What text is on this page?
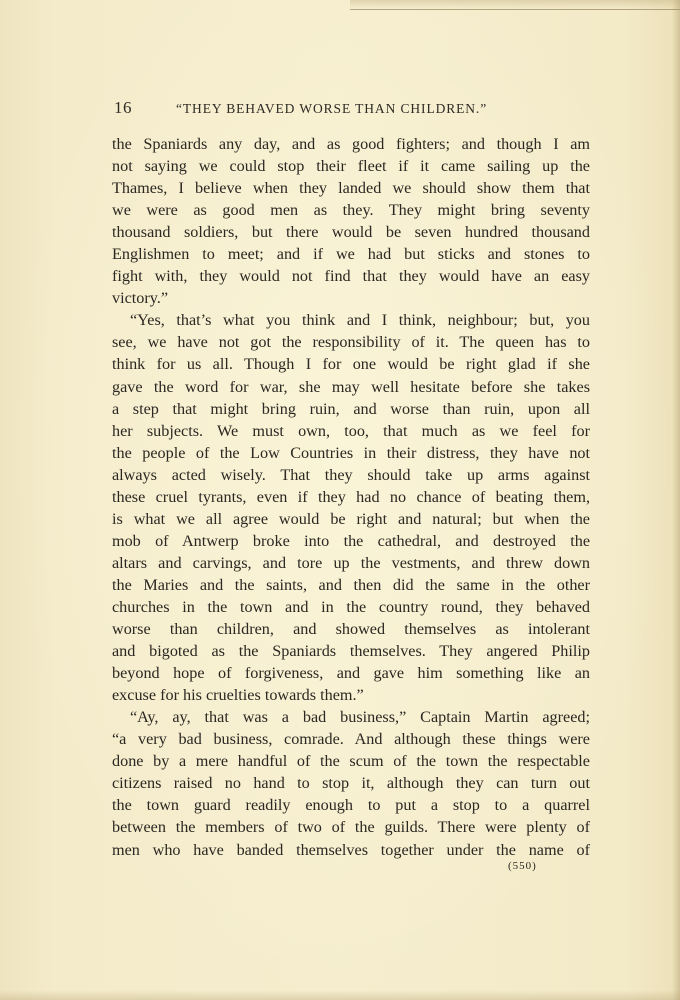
16	“THEY BEHAVED WORSE THAN CHILDREN.”
the Spaniards any day, and as good fighters; and though I am
not saying we could stop their fleet if it came sailing up the
Thames, I believe when they landed we should show them that
we were as good men as they. They might bring seventy
thousand soldiers, but there would be seven hundred thousand
Englishmen to meet; and if we had but sticks and stones to
fight with, they would not find that they would have an easy
victory.”
“Yes, that’s what you think and I think, neighbour; but, you
see, we have not got the responsibility of it. The queen has to
think for us all. Though I for one would be right glad if she
gave the word for war, she may well hesitate before she takes
a step that might bring ruin, and worse than ruin, upon all
her subjects. We must own, too, that much as we feel for
the people of the Low Countries in their distress, they have not
always acted wisely. That they should take up arms against
these cruel tyrants, even if they had no chance of beating them,
is what we all agree would be right and natural; but when the
mob of Antwerp broke into the cathedral, and destroyed the
altars and carvings, and tore up the vestments, and threw down
the Maries and the saints, and then did the same in the other
churches in the town and in the country round, they behaved
worse than children, and showed themselves as intolerant
and bigoted as the Spaniards themselves. They angered Philip
beyond hope of forgiveness, and gave him something like an
excuse for his cruelties towards them.”
“Ay, ay, that was a bad business,” Captain Martin agreed;
“a very bad business, comrade. And although these things were
done by a mere handful of the scum of the town the respectable
citizens raised no hand to stop it, although they can turn out
the town guard readily enough to put a stop to a quarrel
between the members of two of the guilds. There were plenty of
men who have banded themselves together under the name of
(550)
